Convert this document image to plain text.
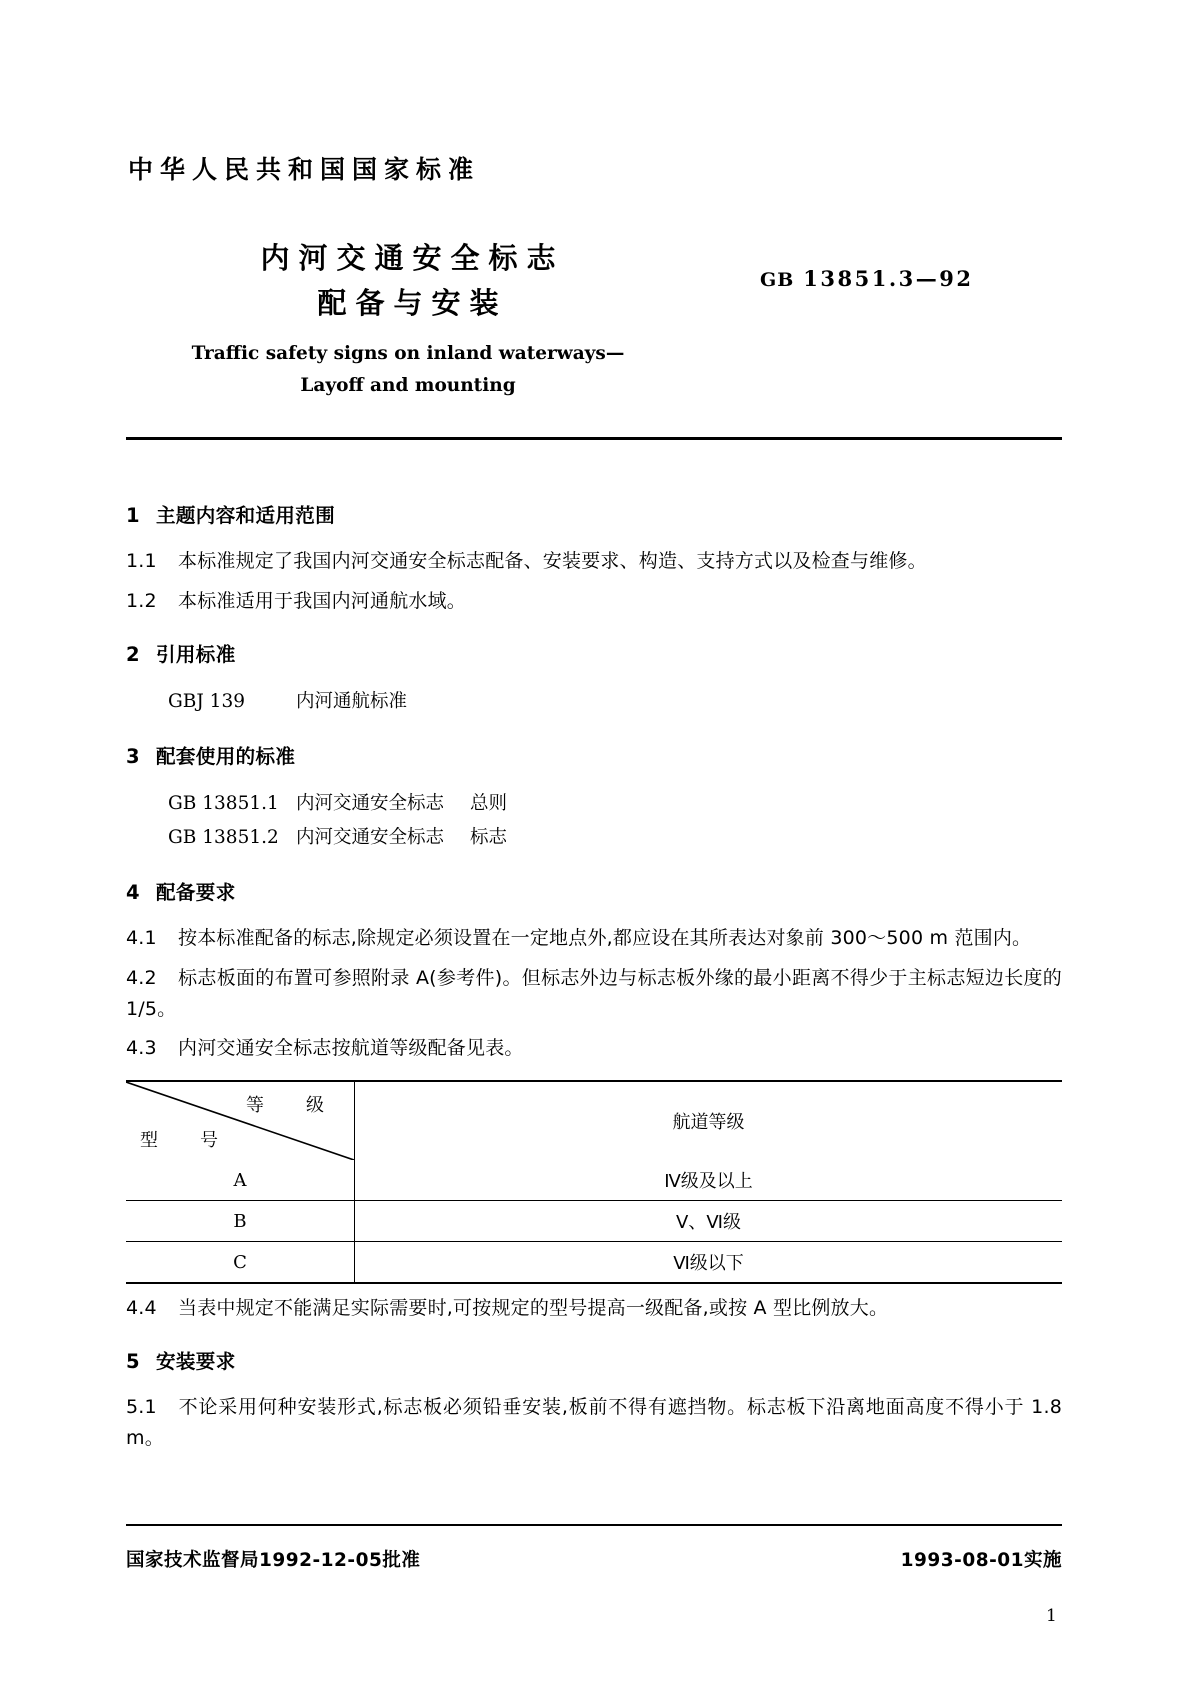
中华人民共和国国家标准
内河交通安全标志
配备与安装
GB 13851.3—92
Traffic safety signs on inland waterways—
Layoff and mounting
1 主题内容和适用范围
1.1 本标准规定了我国内河交通安全标志配备、安装要求、构造、支持方式以及检查与维修。
1.2 本标准适用于我国内河通航水域。
2 引用标准
GBJ 139	内河通航标准
3 配套使用的标准
GB 13851.1 内河交通安全标志 总则
GB 13851.2 内河交通安全标志 标志
4 配备要求
4.1 按本标准配备的标志,除规定必须设置在一定地点外,都应设在其所表达对象前 300～500 m 范围内。
4.2 标志板面的布置可参照附录 A(参考件)。但标志外边与标志板外缘的最小距离不得少于主标志短边长度的 1/5。
4.3 内河交通安全标志按航道等级配备见表。
等　级
型　号	航道等级
A	Ⅳ级及以上
B	Ⅴ、Ⅵ级
C	Ⅵ级以下
4.4 当表中规定不能满足实际需要时,可按规定的型号提高一级配备,或按 A 型比例放大。
5 安装要求
5.1 不论采用何种安装形式,标志板必须铅垂安装,板前不得有遮挡物。标志板下沿离地面高度不得小于 1.8 m。
国家技术监督局1992-12-05批准	1993-08-01实施
1
